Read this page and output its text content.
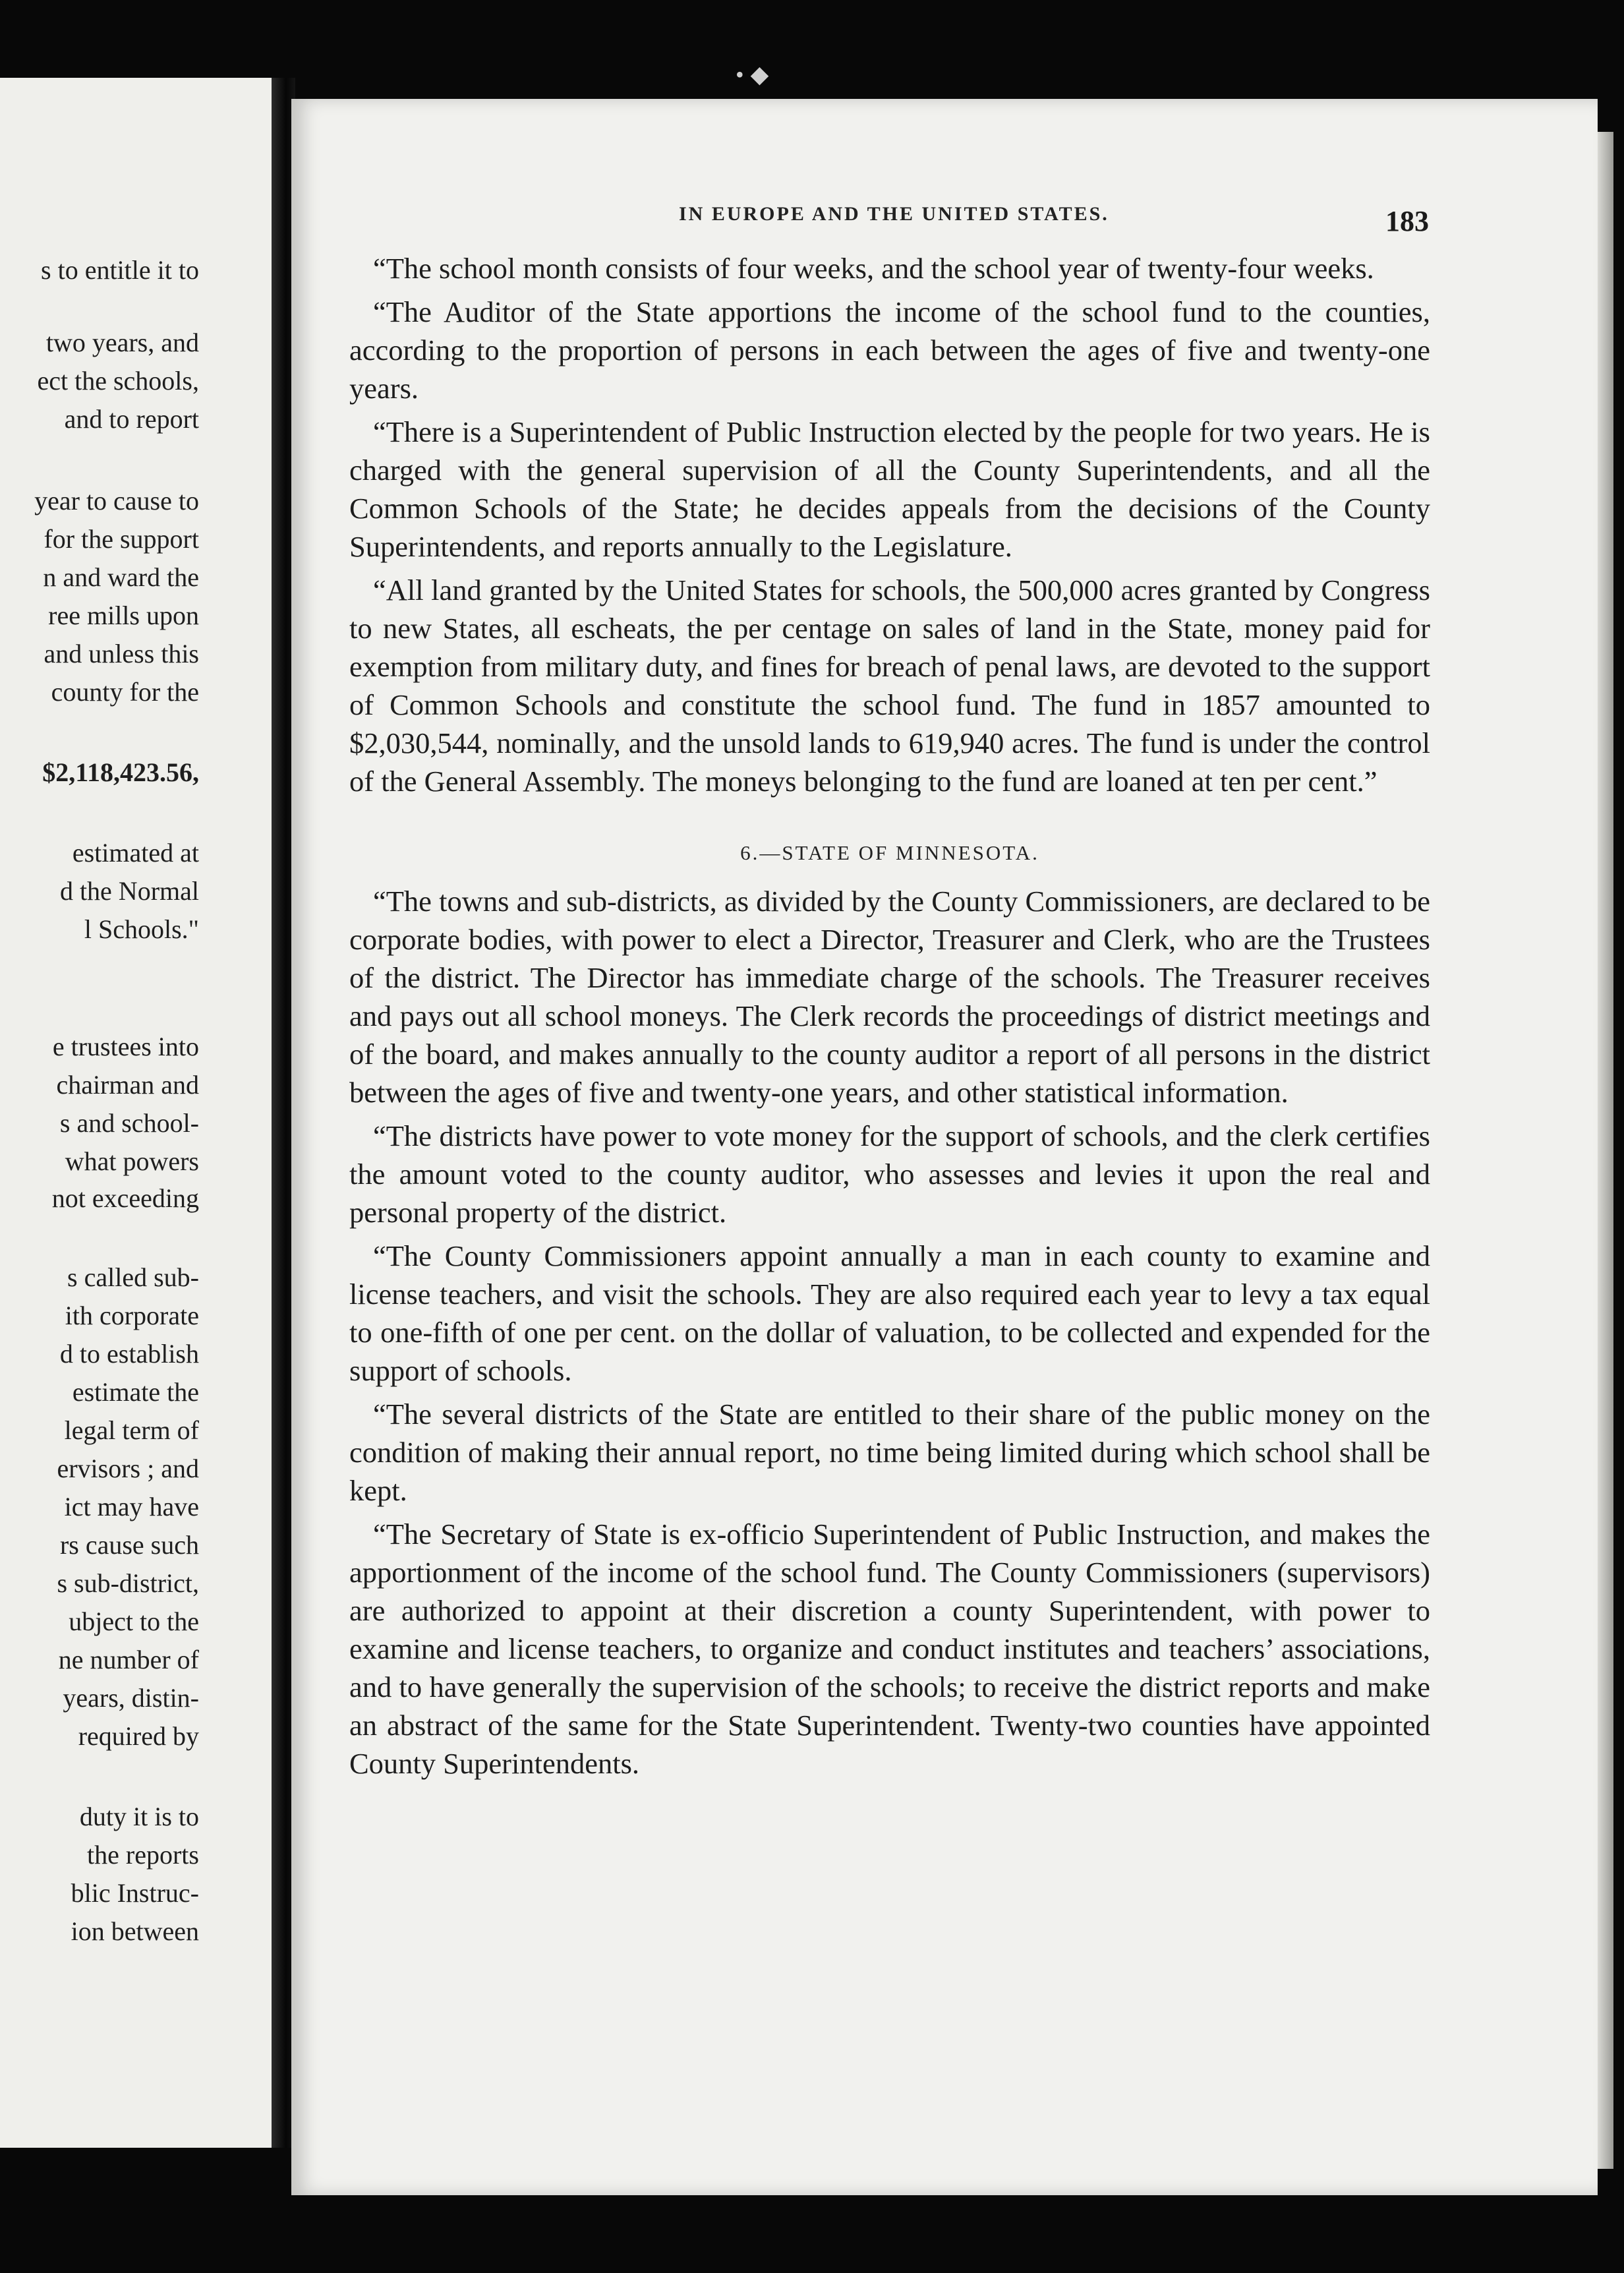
•◆
s to entitle it to
two years, and
ect the schools,
and to report
year to cause to
for the support
n and ward the
ree mills upon
and unless this
county for the
$2,118,423.56,
estimated at
d the Normal
l Schools."
e trustees into
chairman and
s and school-
what powers
not exceeding
s called sub-
ith corporate
d to establish
estimate the
legal term of
ervisors ; and
ict may have
rs cause such
s sub-district,
ubject to the
ne number of
years, distin-
required by
duty it is to
the reports
blic Instruc-
ion between
IN EUROPE AND THE UNITED STATES.	183

“The school month consists of four weeks, and the school year of twenty-four weeks.

“The Auditor of the State apportions the income of the school fund to the counties, according to the proportion of persons in each between the ages of five and twenty-one years.

“There is a Superintendent of Public Instruction elected by the people for two years. He is charged with the general supervision of all the County Superintendents, and all the Common Schools of the State; he decides appeals from the decisions of the County Superintendents, and reports annually to the Legislature.

“All land granted by the United States for schools, the 500,000 acres granted by Congress to new States, all escheats, the per centage on sales of land in the State, money paid for exemption from military duty, and fines for breach of penal laws, are devoted to the support of Common Schools and constitute the school fund. The fund in 1857 amounted to $2,030,544, nominally, and the unsold lands to 619,940 acres. The fund is under the control of the General Assembly. The moneys belonging to the fund are loaned at ten per cent.”

6.—STATE OF MINNESOTA.

“The towns and sub-districts, as divided by the County Commissioners, are declared to be corporate bodies, with power to elect a Director, Treasurer and Clerk, who are the Trustees of the district. The Director has immediate charge of the schools. The Treasurer receives and pays out all school moneys. The Clerk records the proceedings of district meetings and of the board, and makes annually to the county auditor a report of all persons in the district between the ages of five and twenty-one years, and other statistical information.

“The districts have power to vote money for the support of schools, and the clerk certifies the amount voted to the county auditor, who assesses and levies it upon the real and personal property of the district.

“The County Commissioners appoint annually a man in each county to examine and license teachers, and visit the schools. They are also required each year to levy a tax equal to one-fifth of one per cent. on the dollar of valuation, to be collected and expended for the support of schools.

“The several districts of the State are entitled to their share of the public money on the condition of making their annual report, no time being limited during which school shall be kept.

“The Secretary of State is ex-officio Superintendent of Public Instruction, and makes the apportionment of the income of the school fund. The County Commissioners (supervisors) are authorized to appoint at their discretion a county Superintendent, with power to examine and license teachers, to organize and conduct institutes and teachers’ associations, and to have generally the supervision of the schools; to receive the district reports and make an abstract of the same for the State Superintendent. Twenty-two counties have appointed County Superintendents.
